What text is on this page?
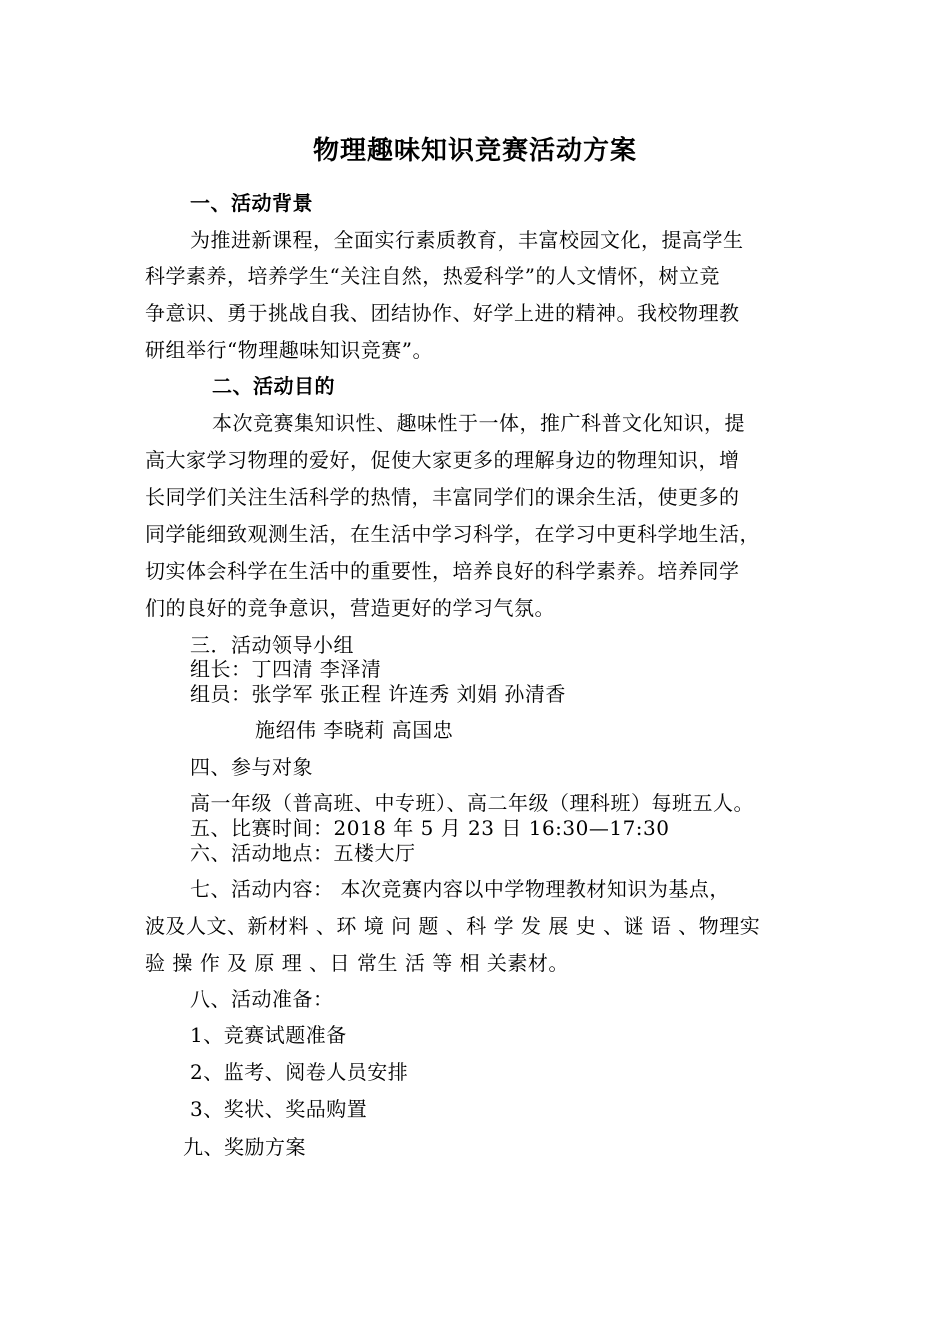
物理趣味知识竞赛活动方案
一、活动背景
为推进新课程，全面实行素质教育，丰富校园文化，提高学生
科学素养，培养学生“关注自然，热爱科学”的人文情怀，树立竞
争意识、勇于挑战自我、团结协作、好学上进的精神。我校物理教
研组举行“物理趣味知识竞赛”。
二、活动目的
本次竞赛集知识性、趣味性于一体，推广科普文化知识，提
高大家学习物理的爱好，促使大家更多的理解身边的物理知识，增
长同学们关注生活科学的热情，丰富同学们的课余生活，使更多的
同学能细致观测生活，在生活中学习科学，在学习中更科学地生活，
切实体会科学在生活中的重要性，培养良好的科学素养。培养同学
们的良好的竞争意识，营造更好的学习气氛。
三．活动领导小组
组长：丁四清 李泽清
组员：张学军 张正程 许连秀 刘娟 孙清香
施绍伟 李晓莉 高国忠
四、参与对象
高一年级（普高班、中专班）、高二年级（理科班）每班五人。
五、比赛时间：2018 年 5 月 23 日 16:30—17:30
六、活动地点：五楼大厅
七、活动内容： 本次竞赛内容以中学物理教材知识为基点，
波及人文、新材料 、环 境 问 题 、科 学 发 展 史 、谜 语 、物理实
验 操 作 及 原 理 、日 常生 活 等 相 关素材。
八、活动准备：
1、竞赛试题准备
2、监考、阅卷人员安排
3、奖状、奖品购置
九、奖励方案
